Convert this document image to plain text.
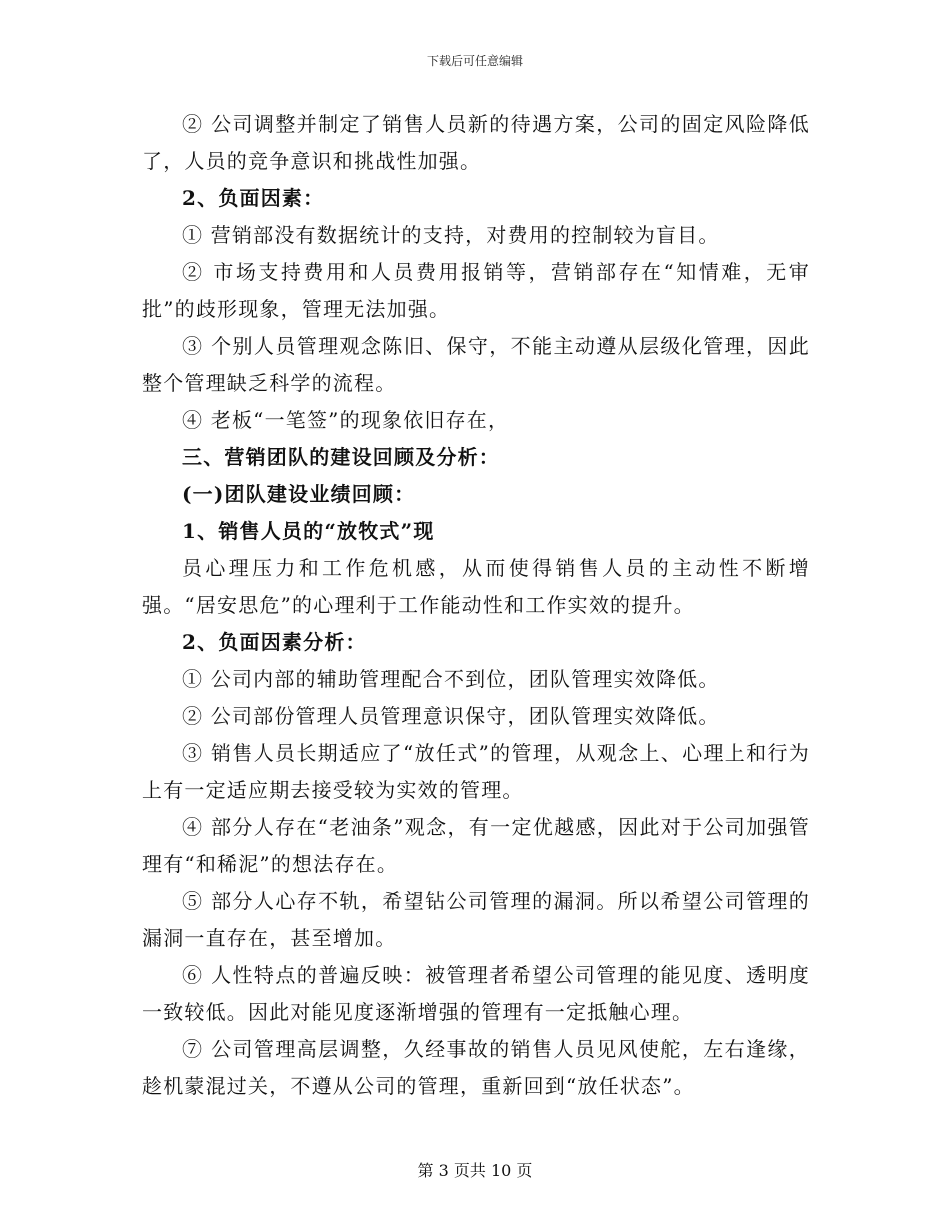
下载后可任意编辑

② 公司调整并制定了销售人员新的待遇方案，公司的固定风险降低了，人员的竞争意识和挑战性加强。

2、负面因素：

① 营销部没有数据统计的支持，对费用的控制较为盲目。

② 市场支持费用和人员费用报销等，营销部存在“知情难，无审批”的歧形现象，管理无法加强。

③ 个别人员管理观念陈旧、保守，不能主动遵从层级化管理，因此整个管理缺乏科学的流程。

④ 老板“一笔签”的现象依旧存在，

三、营销团队的建设回顾及分析：

(一)团队建设业绩回顾：

1、销售人员的“放牧式”现

员心理压力和工作危机感，从而使得销售人员的主动性不断增强。“居安思危”的心理利于工作能动性和工作实效的提升。

2、负面因素分析：

① 公司内部的辅助管理配合不到位，团队管理实效降低。

② 公司部份管理人员管理意识保守，团队管理实效降低。

③ 销售人员长期适应了“放任式”的管理，从观念上、心理上和行为上有一定适应期去接受较为实效的管理。

④ 部分人存在“老油条”观念，有一定优越感，因此对于公司加强管理有“和稀泥”的想法存在。

⑤ 部分人心存不轨，希望钻公司管理的漏洞。所以希望公司管理的漏洞一直存在，甚至增加。

⑥ 人性特点的普遍反映：被管理者希望公司管理的能见度、透明度一致较低。因此对能见度逐渐增强的管理有一定抵触心理。

⑦ 公司管理高层调整，久经事故的销售人员见风使舵，左右逢缘，趁机蒙混过关，不遵从公司的管理，重新回到“放任状态”。

第 3 页共 10 页
